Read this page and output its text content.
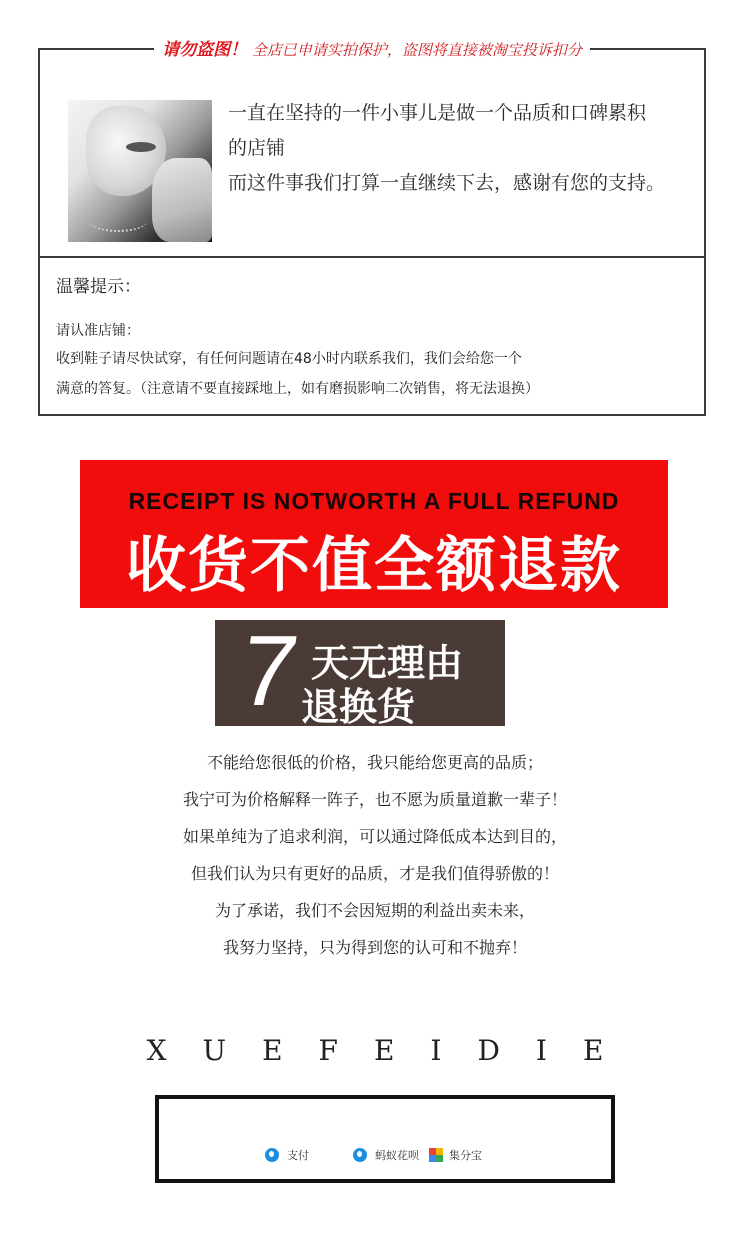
请勿盗图！ 全店已申请实拍保护，盗图将直接被淘宝投诉扣分
一直在坚持的一件小事儿是做一个品质和口碑累积
的店铺
而这件事我们打算一直继续下去，感谢有您的支持。
温馨提示：
请认准店铺：
收到鞋子请尽快试穿，有任何问题请在48小时内联系我们，我们会给您一个
满意的答复。（注意请不要直接踩地上，如有磨损影响二次销售，将无法退换）
RECEIPT IS NOTWORTH A FULL REFUND
收货不值全额退款
7 天无理由
退换货
不能给您很低的价格，我只能给您更高的品质；
我宁可为价格解释一阵子，也不愿为质量道歉一辈子！
如果单纯为了追求利润，可以通过降低成本达到目的，
但我们认为只有更好的品质，才是我们值得骄傲的！
为了承诺，我们不会因短期的利益出卖未来，
我努力坚持，只为得到您的认可和不抛弃！
XUEFEIDIE
支付	蚂蚁花呗	集分宝
